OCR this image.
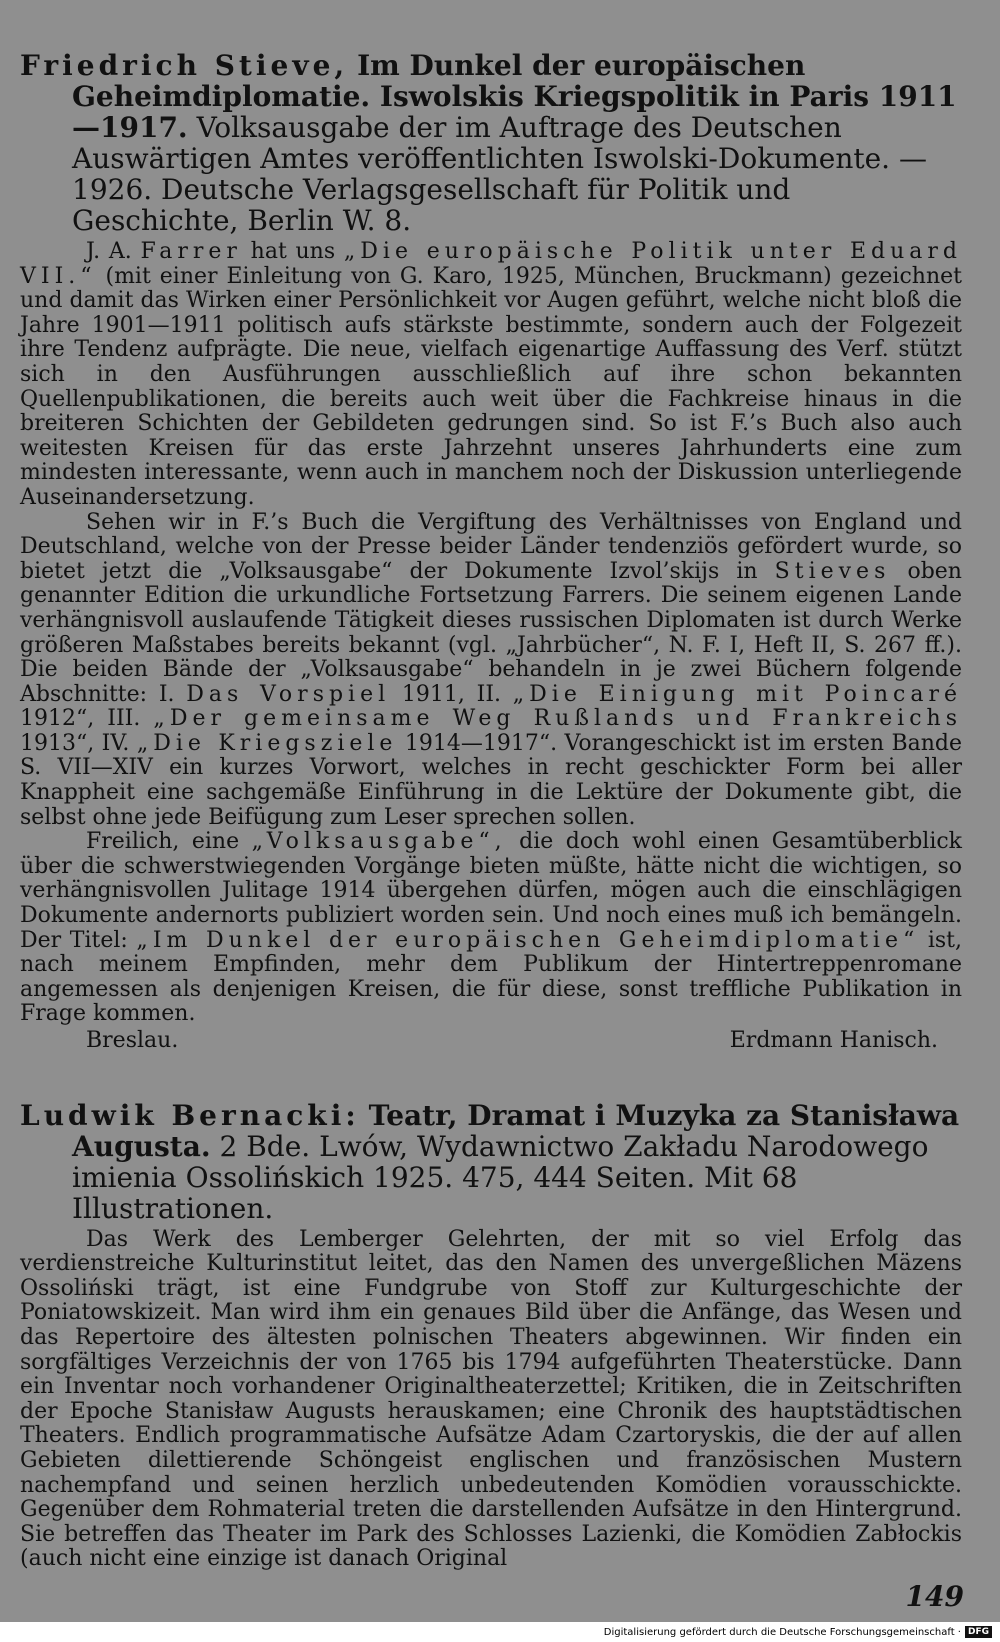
Friedrich Stieve, Im Dunkel der europäischen Geheimdiplomatie. Iswolskis Kriegspolitik in Paris 1911—1917. Volksausgabe der im Auftrage des Deutschen Auswärtigen Amtes veröffentlichten Iswolski-Dokumente. — 1926. Deutsche Verlagsgesellschaft für Politik und Geschichte, Berlin W. 8.

J. A. Farrer hat uns „Die europäische Politik unter Eduard VII.“ (mit einer Einleitung von G. Karo, 1925, München, Bruckmann) gezeichnet und damit das Wirken einer Persönlichkeit vor Augen geführt, welche nicht bloß die Jahre 1901—1911 politisch aufs stärkste bestimmte, sondern auch der Folgezeit ihre Tendenz aufprägte. Die neue, vielfach eigenartige Auffassung des Verf. stützt sich in den Ausführungen ausschließlich auf ihre schon bekannten Quellenpublikationen, die bereits auch weit über die Fachkreise hinaus in die breiteren Schichten der Gebildeten gedrungen sind. So ist F.’s Buch also auch weitesten Kreisen für das erste Jahrzehnt unseres Jahrhunderts eine zum mindesten interessante, wenn auch in manchem noch der Diskussion unterliegende Auseinandersetzung.

Sehen wir in F.’s Buch die Vergiftung des Verhältnisses von England und Deutschland, welche von der Presse beider Länder tendenziös gefördert wurde, so bietet jetzt die „Volksausgabe“ der Dokumente Izvol’skijs in Stieves oben genannter Edition die urkundliche Fortsetzung Farrers. Die seinem eigenen Lande verhängnisvoll auslaufende Tätigkeit dieses russischen Diplomaten ist durch Werke größeren Maßstabes bereits bekannt (vgl. „Jahrbücher“, N. F. I, Heft II, S. 267 ff.). Die beiden Bände der „Volksausgabe“ behandeln in je zwei Büchern folgende Abschnitte: I. Das Vorspiel 1911, II. „Die Einigung mit Poincaré 1912“, III. „Der gemeinsame Weg Rußlands und Frankreichs 1913“, IV. „Die Kriegsziele 1914—1917“. Vorangeschickt ist im ersten Bande S. VII—XIV ein kurzes Vorwort, welches in recht geschickter Form bei aller Knappheit eine sachgemäße Einführung in die Lektüre der Dokumente gibt, die selbst ohne jede Beifügung zum Leser sprechen sollen.

Freilich, eine „Volksausgabe“, die doch wohl einen Gesamtüberblick über die schwerstwiegenden Vorgänge bieten müßte, hätte nicht die wichtigen, so verhängnisvollen Julitage 1914 übergehen dürfen, mögen auch die einschlägigen Dokumente andernorts publiziert worden sein. Und noch eines muß ich bemängeln. Der Titel: „Im Dunkel der europäischen Geheimdiplomatie“ ist, nach meinem Empfinden, mehr dem Publikum der Hintertreppenromane angemessen als denjenigen Kreisen, die für diese, sonst treffliche Publikation in Frage kommen.

Breslau.	Erdmann Hanisch.

Ludwik Bernacki: Teatr, Dramat i Muzyka za Stanisława Augusta. 2 Bde. Lwów, Wydawnictwo Zakładu Narodowego imienia Ossolińskich 1925. 475, 444 Seiten. Mit 68 Illustrationen.

Das Werk des Lemberger Gelehrten, der mit so viel Erfolg das verdienstreiche Kulturinstitut leitet, das den Namen des unvergeßlichen Mäzens Ossoliński trägt, ist eine Fundgrube von Stoff zur Kulturgeschichte der Poniatowskizeit. Man wird ihm ein genaues Bild über die Anfänge, das Wesen und das Repertoire des ältesten polnischen Theaters abgewinnen. Wir finden ein sorgfältiges Verzeichnis der von 1765 bis 1794 aufgeführten Theaterstücke. Dann ein Inventar noch vorhandener Originaltheaterzettel; Kritiken, die in Zeitschriften der Epoche Stanisław Augusts herauskamen; eine Chronik des hauptstädtischen Theaters. Endlich programmatische Aufsätze Adam Czartoryskis, die der auf allen Gebieten dilettierende Schöngeist englischen und französischen Mustern nachempfand und seinen herzlich unbedeutenden Komödien vorausschickte. Gegenüber dem Rohmaterial treten die darstellenden Aufsätze in den Hintergrund. Sie betreffen das Theater im Park des Schlosses Lazienki, die Komödien Zabłockis (auch nicht eine einzige ist danach Original

149
Digitalisierung gefördert durch die Deutsche Forschungsgemeinschaft · DFG
